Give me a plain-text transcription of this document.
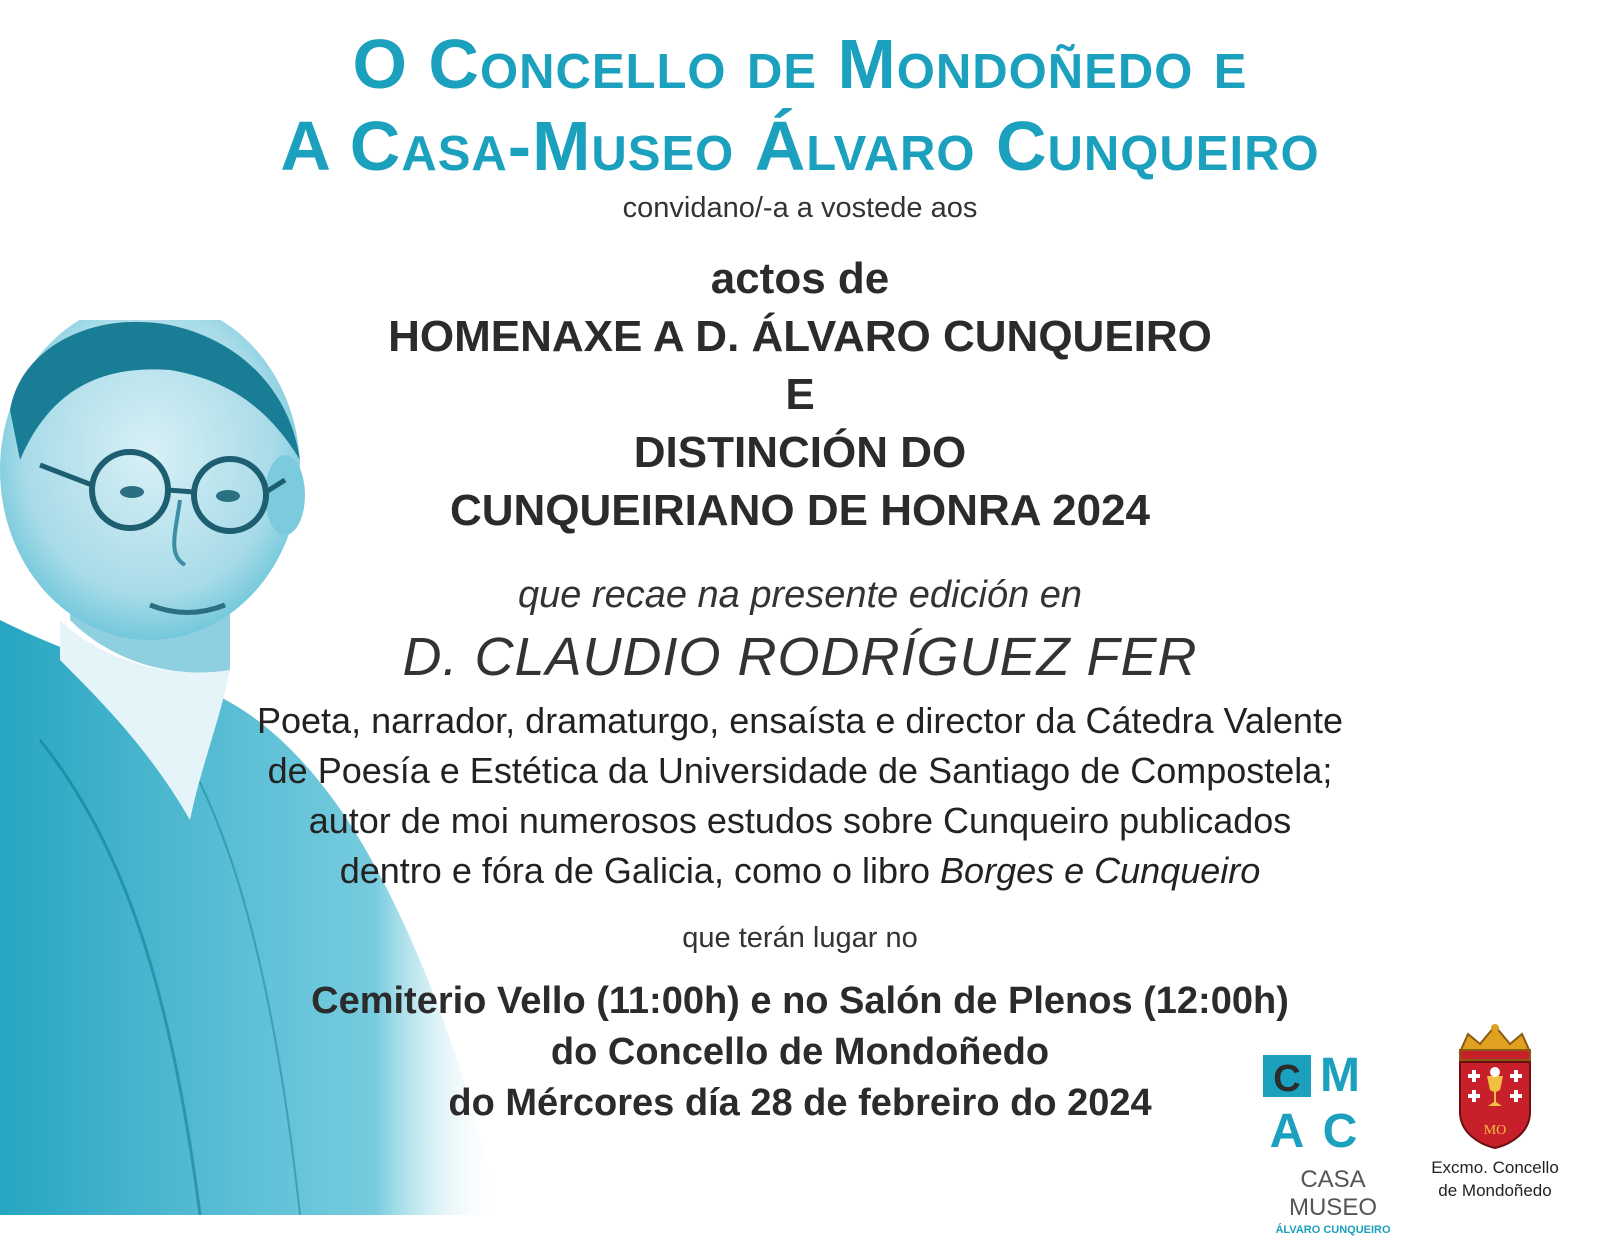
O Concello de Mondoñedo e
A Casa-Museo Álvaro Cunqueiro
convidano/-a a vostede aos
actos de
HOMENAXE A D. ÁLVARO CUNQUEIRO
E
DISTINCIÓN DO
CUNQUEIRIANO DE HONRA 2024
que recae na presente edición en
D. CLAUDIO RODRÍGUEZ FER
Poeta, narrador, dramaturgo, ensaísta e director da Cátedra Valente
de Poesía e Estética da Universidade de Santiago de Compostela;
autor de moi numerosos estudos sobre Cunqueiro publicados
dentro e fóra de Galicia, como o libro Borges e Cunqueiro
que terán lugar no
Cemiterio Vello (11:00h) e no Salón de Plenos (12:00h)
do Concello de Mondoñedo
do Mércores día 28 de febreiro do 2024
C M
A C
CASA MUSEO
ÁLVARO CUNQUEIRO
MO
Excmo. Concello
de Mondoñedo
